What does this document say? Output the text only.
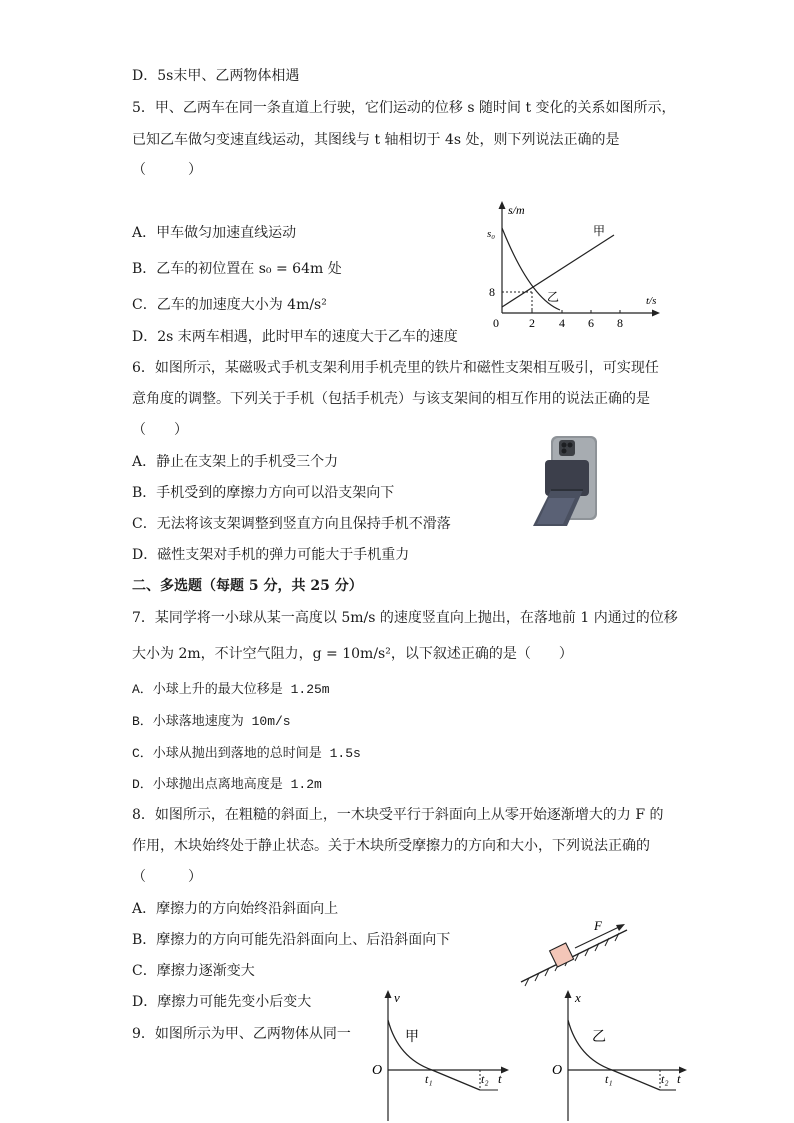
D．5s末甲、乙两物体相遇
5．甲、乙两车在同一条直道上行驶，它们运动的位移 s 随时间 t 变化的关系如图所示，
已知乙车做匀变速直线运动，其图线与 t 轴相切于 4s 处，则下列说法正确的是
（　　　）
A．甲车做匀加速直线运动
B．乙车的初位置在 s₀ = 64m 处
C．乙车的加速度大小为 4m/s²
D．2s 末两车相遇，此时甲车的速度大于乙车的速度
s/m
t/s
s₀
0
8
2 4 6 8
甲
乙
6．如图所示，某磁吸式手机支架利用手机壳里的铁片和磁性支架相互吸引，可实现任
意角度的调整。下列关于手机（包括手机壳）与该支架间的相互作用的说法正确的是
（　　）
A．静止在支架上的手机受三个力
B．手机受到的摩擦力方向可以沿支架向下
C．无法将该支架调整到竖直方向且保持手机不滑落
D．磁性支架对手机的弹力可能大于手机重力
二、多选题（每题 5 分，共 25 分）
7．某同学将一小球从某一高度以 5m/s 的速度竖直向上抛出，在落地前 1 内通过的位移
大小为 2m，不计空气阻力，g = 10m/s²，以下叙述正确的是（　　）
A．小球上升的最大位移是 1.25m
B．小球落地速度为 10m/s
C．小球从抛出到落地的总时间是 1.5s
D．小球抛出点离地高度是 1.2m
8．如图所示，在粗糙的斜面上，一木块受平行于斜面向上从零开始逐渐增大的力 F 的
作用，木块始终处于静止状态。关于木块所受摩擦力的方向和大小，下列说法正确的
（　　　）
A．摩擦力的方向始终沿斜面向上
B．摩擦力的方向可能先沿斜面向上、后沿斜面向下
C．摩擦力逐渐变大
D．摩擦力可能先变小后变大
F
9．如图所示为甲、乙两物体从同一
v
t
O
甲
t₁	t₂
x
t
O
乙
t₁	t₂
